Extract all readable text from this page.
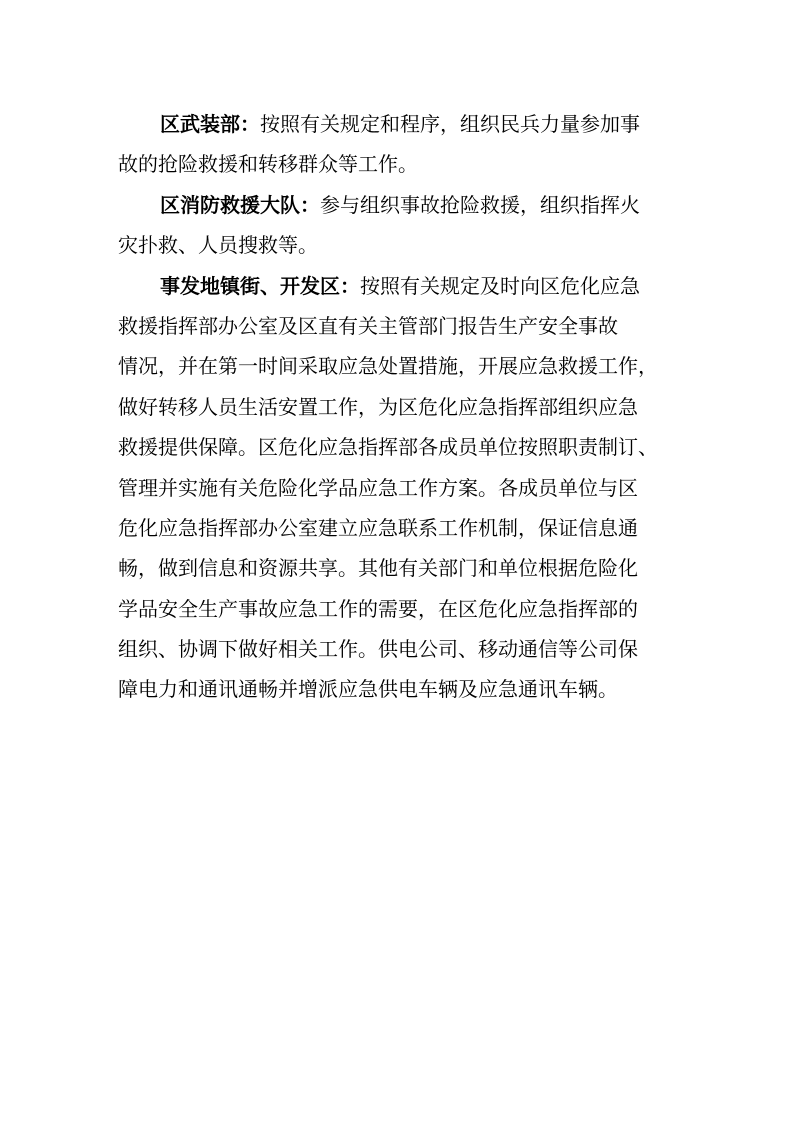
区武装部：按照有关规定和程序，组织民兵力量参加事
故的抢险救援和转移群众等工作。
区消防救援大队：参与组织事故抢险救援，组织指挥火
灾扑救、人员搜救等。
事发地镇街、开发区：按照有关规定及时向区危化应急
救援指挥部办公室及区直有关主管部门报告生产安全事故
情况，并在第一时间采取应急处置措施，开展应急救援工作，
做好转移人员生活安置工作，为区危化应急指挥部组织应急
救援提供保障。区危化应急指挥部各成员单位按照职责制订、
管理并实施有关危险化学品应急工作方案。各成员单位与区
危化应急指挥部办公室建立应急联系工作机制，保证信息通
畅，做到信息和资源共享。其他有关部门和单位根据危险化
学品安全生产事故应急工作的需要，在区危化应急指挥部的
组织、协调下做好相关工作。供电公司、移动通信等公司保
障电力和通讯通畅并增派应急供电车辆及应急通讯车辆。
